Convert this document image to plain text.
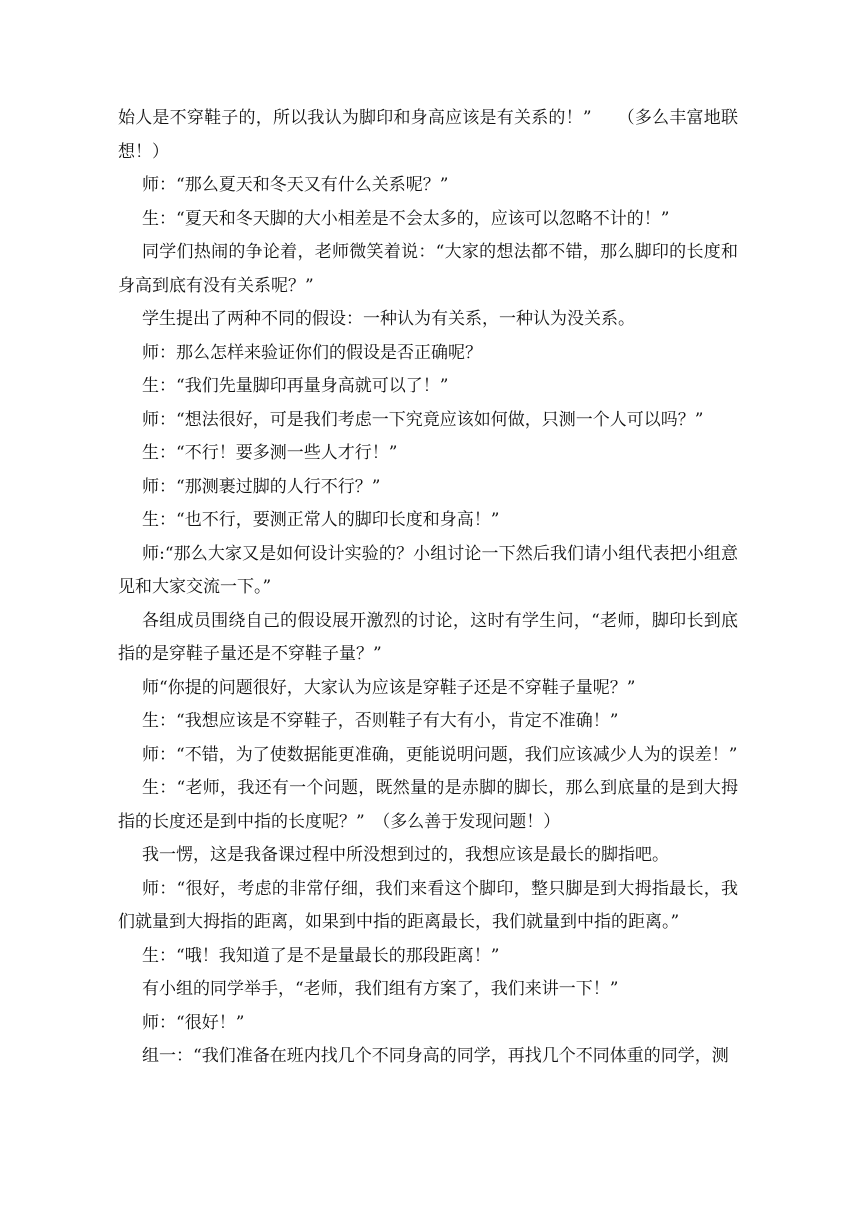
始人是不穿鞋子的，所以我认为脚印和身高应该是有关系的！”　　（多么丰富地联想！）

师：“那么夏天和冬天又有什么关系呢？”

生：“夏天和冬天脚的大小相差是不会太多的，应该可以忽略不计的！”

同学们热闹的争论着，老师微笑着说：“大家的想法都不错，那么脚印的长度和身高到底有没有关系呢？”

学生提出了两种不同的假设：一种认为有关系，一种认为没关系。

师：那么怎样来验证你们的假设是否正确呢？

生：“我们先量脚印再量身高就可以了！”

师：“想法很好，可是我们考虑一下究竟应该如何做，只测一个人可以吗？”

生：“不行！要多测一些人才行！”

师：“那测裹过脚的人行不行？”

生：“也不行，要测正常人的脚印长度和身高！”

师:“那么大家又是如何设计实验的？小组讨论一下然后我们请小组代表把小组意见和大家交流一下。”

各组成员围绕自己的假设展开激烈的讨论，这时有学生问，“老师，脚印长到底指的是穿鞋子量还是不穿鞋子量？”

师“你提的问题很好，大家认为应该是穿鞋子还是不穿鞋子量呢？”

生：“我想应该是不穿鞋子，否则鞋子有大有小，肯定不准确！”

师：“不错，为了使数据能更准确，更能说明问题，我们应该减少人为的误差！”

生：“老师，我还有一个问题，既然量的是赤脚的脚长，那么到底量的是到大拇指的长度还是到中指的长度呢？”　（多么善于发现问题！）

我一愣，这是我备课过程中所没想到过的，我想应该是最长的脚指吧。

师：“很好，考虑的非常仔细，我们来看这个脚印，整只脚是到大拇指最长，我们就量到大拇指的距离，如果到中指的距离最长，我们就量到中指的距离。”

生：“哦！我知道了是不是量最长的那段距离！”

有小组的同学举手，“老师，我们组有方案了，我们来讲一下！”

师：“很好！”

组一：“我们准备在班内找几个不同身高的同学，再找几个不同体重的同学，测
